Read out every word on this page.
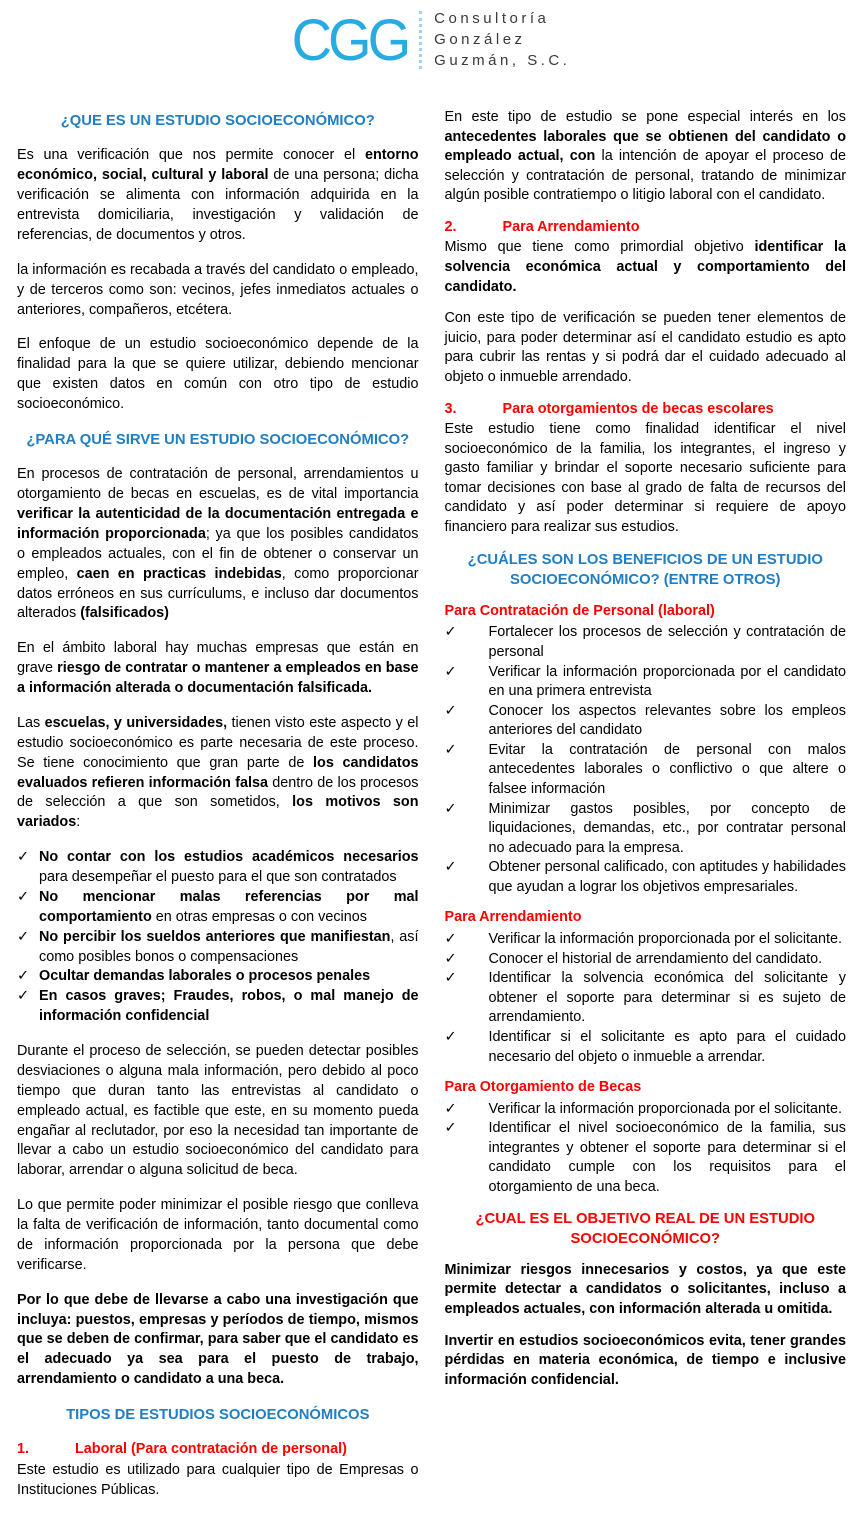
CGG Consultoría
González
Guzmán, S.C.
¿QUE ES UN ESTUDIO SOCIOECONÓMICO?

Es una verificación que nos permite conocer el entorno económico, social, cultural y laboral de una persona; dicha verificación se alimenta con información adquirida en la entrevista domiciliaria, investigación y validación de referencias, de documentos y otros.

la información es recabada a través del candidato o empleado, y de terceros como son: vecinos, jefes inmediatos actuales o anteriores, compañeros, etcétera.

El enfoque de un estudio socioeconómico depende de la finalidad para la que se quiere utilizar, debiendo mencionar que existen datos en común con otro tipo de estudio socioeconómico.

¿PARA QUÉ SIRVE UN ESTUDIO SOCIOECONÓMICO?

En procesos de contratación de personal, arrendamientos u otorgamiento de becas en escuelas, es de vital importancia verificar la autenticidad de la documentación entregada e información proporcionada; ya que los posibles candidatos o empleados actuales, con el fin de obtener o conservar un empleo, caen en practicas indebidas, como proporcionar datos erróneos en sus currículums, e incluso dar documentos alterados (falsificados)

En el ámbito laboral hay muchas empresas que están en grave riesgo de contratar o mantener a empleados en base a información alterada o documentación falsificada.

Las escuelas, y universidades, tienen visto este aspecto y el estudio socioeconómico es parte necesaria de este proceso. Se tiene conocimiento que gran parte de los candidatos evaluados refieren información falsa dentro de los procesos de selección a que son sometidos, los motivos son variados:

✓ No contar con los estudios académicos necesarios para desempeñar el puesto para el que son contratados
✓ No mencionar malas referencias por mal comportamiento en otras empresas o con vecinos
✓ No percibir los sueldos anteriores que manifiestan, así como posibles bonos o compensaciones
✓ Ocultar demandas laborales o procesos penales
✓ En casos graves; Fraudes, robos, o mal manejo de información confidencial

Durante el proceso de selección, se pueden detectar posibles desviaciones o alguna mala información, pero debido al poco tiempo que duran tanto las entrevistas al candidato o empleado actual, es factible que este, en su momento pueda engañar al reclutador, por eso la necesidad tan importante de llevar a cabo un estudio socioeconómico del candidato para laborar, arrendar o alguna solicitud de beca.

Lo que permite poder minimizar el posible riesgo que conlleva la falta de verificación de información, tanto documental como de información proporcionada por la persona que debe verificarse.

Por lo que debe de llevarse a cabo una investigación que incluya: puestos, empresas y períodos de tiempo, mismos que se deben de confirmar, para saber que el candidato es el adecuado ya sea para el puesto de trabajo, arrendamiento o candidato a una beca.

TIPOS DE ESTUDIOS SOCIOECONÓMICOS
1.	Laboral (Para contratación de personal)

Este estudio es utilizado para cualquier tipo de Empresas o Instituciones Públicas.

En este tipo de estudio se pone especial interés en los antecedentes laborales que se obtienen del candidato o empleado actual, con la intención de apoyar el proceso de selección y contratación de personal, tratando de minimizar algún posible contratiempo o litigio laboral con el candidato.

2.	Para Arrendamiento

Mismo que tiene como primordial objetivo identificar la solvencia económica actual y comportamiento del candidato.

Con este tipo de verificación se pueden tener elementos de juicio, para poder determinar así el candidato estudio es apto para cubrir las rentas y si podrá dar el cuidado adecuado al objeto o inmueble arrendado.

3.	Para otorgamientos de becas escolares

Este estudio tiene como finalidad identificar el nivel socioeconómico de la familia, los integrantes, el ingreso y gasto familiar y brindar el soporte necesario suficiente para tomar decisiones con base al grado de falta de recursos del candidato y así poder determinar si requiere de apoyo financiero para realizar sus estudios.

¿CUÁLES SON LOS BENEFICIOS DE UN ESTUDIO SOCIOECONÓMICO? (ENTRE OTROS)
Para Contratación de Personal (laboral)
✓	Fortalecer los procesos de selección y contratación de personal
✓	Verificar la información proporcionada por el candidato en una primera entrevista
✓	Conocer los aspectos relevantes sobre los empleos anteriores del candidato
✓	Evitar la contratación de personal con malos antecedentes laborales o conflictivo o que altere o falsee información
✓	Minimizar gastos posibles, por concepto de liquidaciones, demandas, etc., por contratar personal no adecuado para la empresa.
✓	Obtener personal calificado, con aptitudes y habilidades que ayudan a lograr los objetivos empresariales.
Para Arrendamiento
✓	Verificar la información proporcionada por el solicitante.
✓	Conocer el historial de arrendamiento del candidato.
✓	Identificar la solvencia económica del solicitante y obtener el soporte para determinar si es sujeto de arrendamiento.
✓	Identificar si el solicitante es apto para el cuidado necesario del objeto o inmueble a arrendar.
Para Otorgamiento de Becas
✓	Verificar la información proporcionada por el solicitante.
✓	Identificar el nivel socioeconómico de la familia, sus integrantes y obtener el soporte para determinar si el candidato cumple con los requisitos para el otorgamiento de una beca.
¿CUAL ES EL OBJETIVO REAL DE UN ESTUDIO SOCIOECONÓMICO?

Minimizar riesgos innecesarios y costos, ya que este permite detectar a candidatos o solicitantes, incluso a empleados actuales, con información alterada u omitida.

Invertir en estudios socioeconómicos evita, tener grandes pérdidas en materia económica, de tiempo e inclusive información confidencial.
